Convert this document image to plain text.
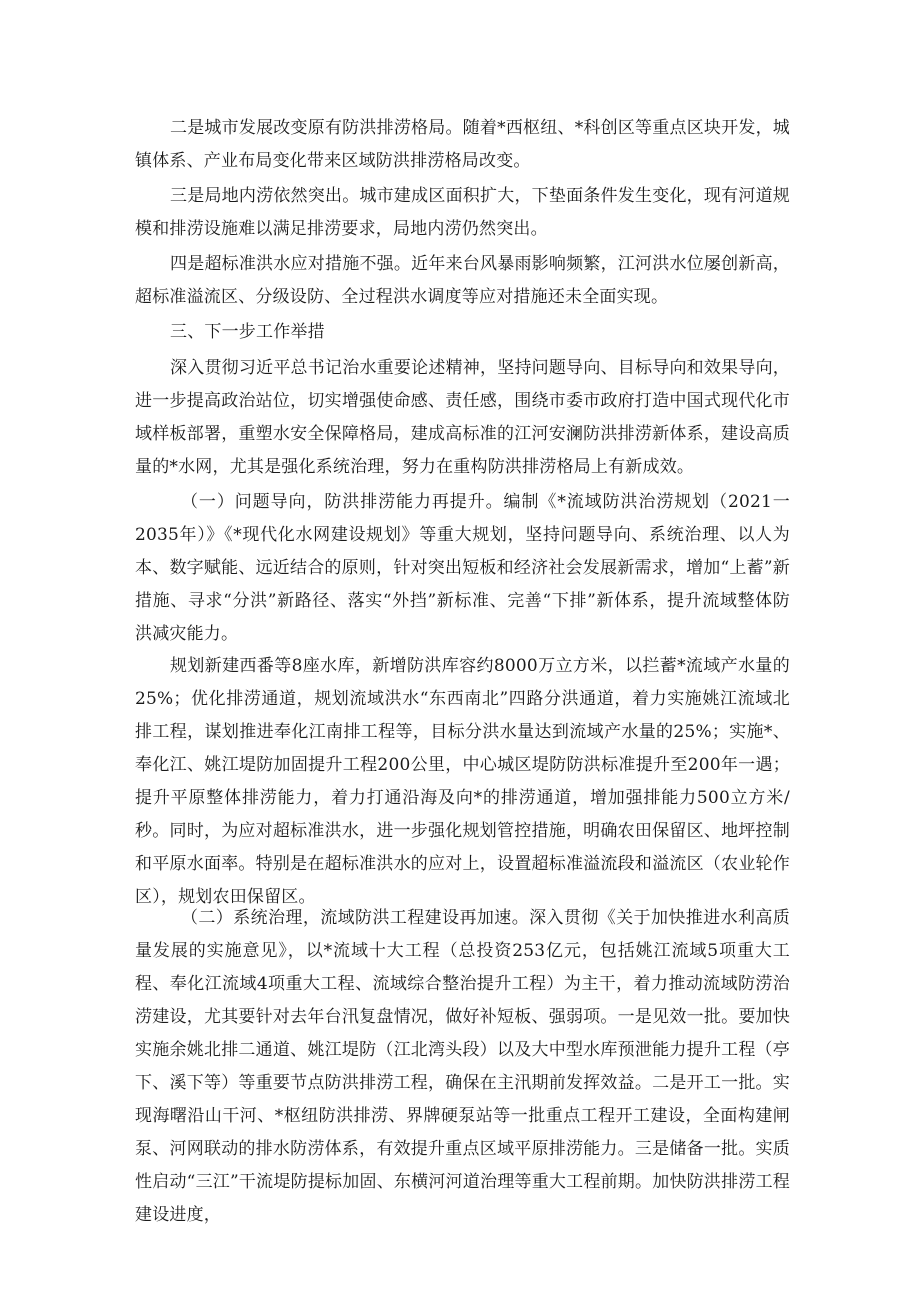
二是城市发展改变原有防洪排涝格局。随着*西枢纽、*科创区等重点区块开发，城镇体系、产业布局变化带来区域防洪排涝格局改变。

三是局地内涝依然突出。城市建成区面积扩大，下垫面条件发生变化，现有河道规模和排涝设施难以满足排涝要求，局地内涝仍然突出。

四是超标准洪水应对措施不强。近年来台风暴雨影响频繁，江河洪水位屡创新高，超标准溢流区、分级设防、全过程洪水调度等应对措施还未全面实现。

三、下一步工作举措

深入贯彻习近平总书记治水重要论述精神，坚持问题导向、目标导向和效果导向，进一步提高政治站位，切实增强使命感、责任感，围绕市委市政府打造中国式现代化市域样板部署，重塑水安全保障格局，建成高标准的江河安澜防洪排涝新体系，建设高质量的*水网，尤其是强化系统治理，努力在重构防洪排涝格局上有新成效。

（一）问题导向，防洪排涝能力再提升。编制《*流域防洪治涝规划（2021一2035年）》《*现代化水网建设规划》等重大规划，坚持问题导向、系统治理、以人为本、数字赋能、远近结合的原则，针对突出短板和经济社会发展新需求，增加“上蓄”新措施、寻求“分洪”新路径、落实“外挡”新标准、完善“下排”新体系，提升流域整体防洪减灾能力。

规划新建西番等8座水库，新增防洪库容约8000万立方米，以拦蓄*流域产水量的25%；优化排涝通道，规划流域洪水“东西南北”四路分洪通道，着力实施姚江流域北排工程，谋划推进奉化江南排工程等，目标分洪水量达到流域产水量的25%；实施*、奉化江、姚江堤防加固提升工程200公里，中心城区堤防防洪标准提升至200年一遇；提升平原整体排涝能力，着力打通沿海及向*的排涝通道，增加强排能力500立方米/秒。同时，为应对超标准洪水，进一步强化规划管控措施，明确农田保留区、地坪控制和平原水面率。特别是在超标准洪水的应对上，设置超标准溢流段和溢流区（农业轮作区），规划农田保留区。

（二）系统治理，流域防洪工程建设再加速。深入贯彻《关于加快推进水利高质量发展的实施意见》，以*流域十大工程（总投资253亿元，包括姚江流域5项重大工程、奉化江流域4项重大工程、流域综合整治提升工程）为主干，着力推动流域防涝治涝建设，尤其要针对去年台汛复盘情况，做好补短板、强弱项。一是见效一批。要加快实施余姚北排二通道、姚江堤防（江北湾头段）以及大中型水库预泄能力提升工程（亭下、溪下等）等重要节点防洪排涝工程，确保在主汛期前发挥效益。二是开工一批。实现海曙沿山干河、*枢纽防洪排涝、界牌硬泵站等一批重点工程开工建设，全面构建闸泵、河网联动的排水防涝体系，有效提升重点区域平原排涝能力。三是储备一批。实质性启动“三江”干流堤防提标加固、东横河河道治理等重大工程前期。加快防洪排涝工程建设进度，
